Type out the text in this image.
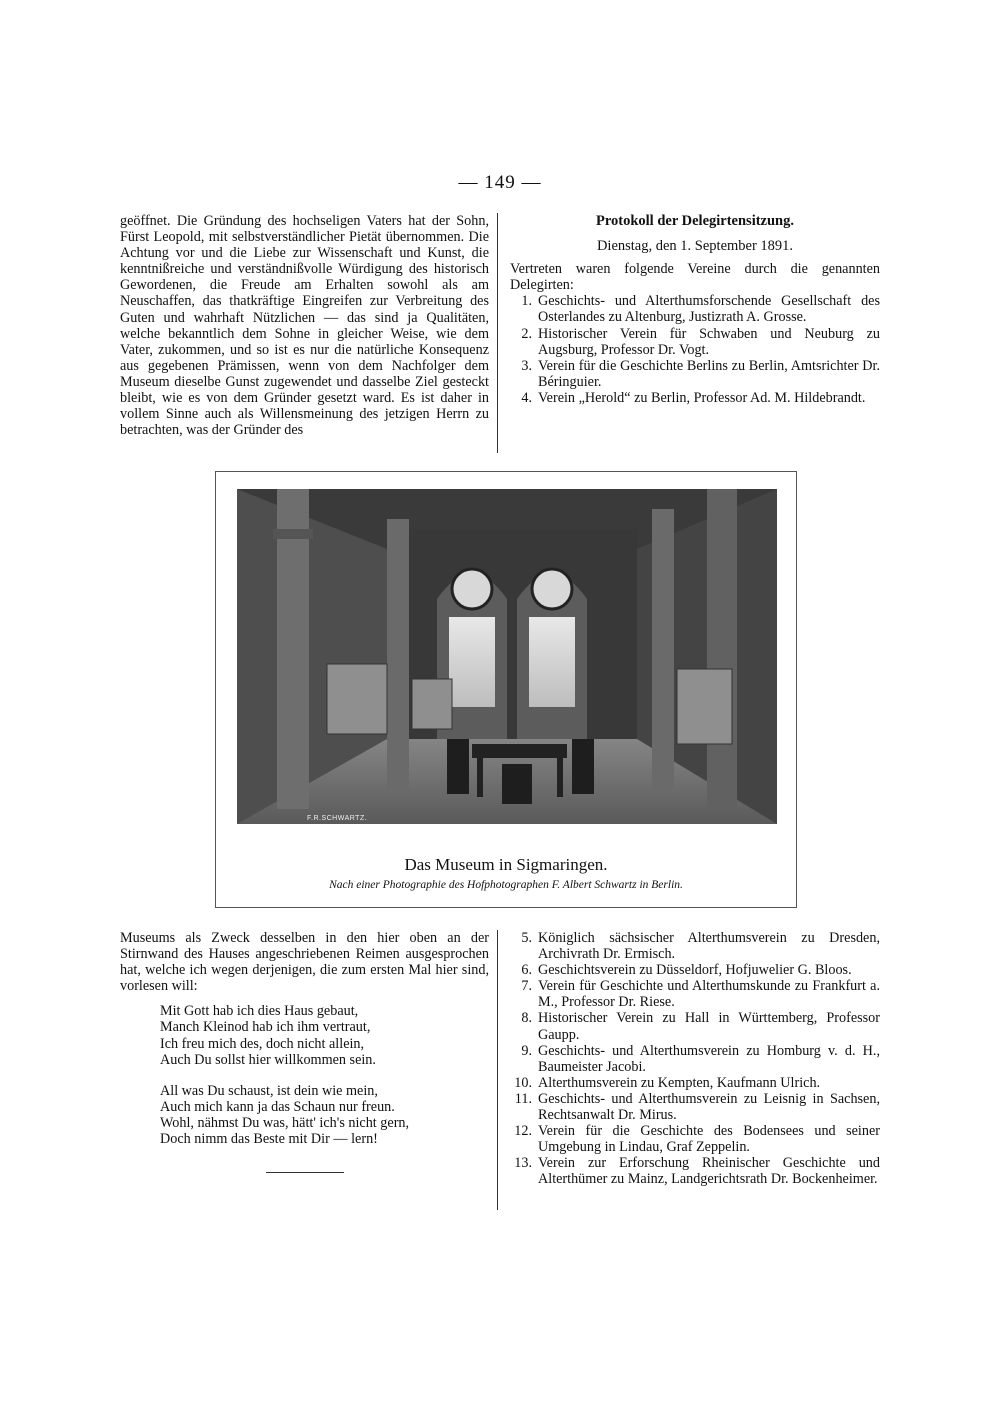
— 149 —

geöffnet. Die Gründung des hochseligen Vaters hat der Sohn, Fürst Leopold, mit selbstverständlicher Pietät übernommen. Die Achtung vor und die Liebe zur Wissenschaft und Kunst, die kenntnißreiche und verständnißvolle Würdigung des historisch Gewordenen, die Freude am Erhalten sowohl als am Neuschaffen, das thatkräftige Eingreifen zur Verbreitung des Guten und wahrhaft Nützlichen — das sind ja Qualitäten, welche bekanntlich dem Sohne in gleicher Weise, wie dem Vater, zukommen, und so ist es nur die natürliche Konsequenz aus gegebenen Prämissen, wenn von dem Nachfolger dem Museum dieselbe Gunst zugewendet und dasselbe Ziel gesteckt bleibt, wie es von dem Gründer gesetzt ward. Es ist daher in vollem Sinne auch als Willensmeinung des jetzigen Herrn zu betrachten, was der Gründer des

Protokoll der Delegirtensitzung.

Dienstag, den 1. September 1891.

Vertreten waren folgende Vereine durch die genannten Delegirten:

1. Geschichts- und Alterthumsforschende Gesellschaft des Osterlandes zu Altenburg, Justizrath A. Grosse.
2. Historischer Verein für Schwaben und Neuburg zu Augsburg, Professor Dr. Vogt.
3. Verein für die Geschichte Berlins zu Berlin, Amtsrichter Dr. Béringuier.
4. Verein „Herold“ zu Berlin, Professor Ad. M. Hildebrandt.
F.R.SCHWARTZ.
Das Museum in Sigmaringen.
Nach einer Photographie des Hofphotographen F. Albert Schwartz in Berlin.

Museums als Zweck desselben in den hier oben an der Stirnwand des Hauses angeschriebenen Reimen ausgesprochen hat, welche ich wegen derjenigen, die zum ersten Mal hier sind, vorlesen will:

Mit Gott hab ich dies Haus gebaut,
Manch Kleinod hab ich ihm vertraut,
Ich freu mich des, doch nicht allein,
Auch Du sollst hier willkommen sein.
All was Du schaust, ist dein wie mein,
Auch mich kann ja das Schaun nur freun.
Wohl, nähmst Du was, hätt' ich's nicht gern,
Doch nimm das Beste mit Dir — lern!
5. Königlich sächsischer Alterthumsverein zu Dresden, Archivrath Dr. Ermisch.
6. Geschichtsverein zu Düsseldorf, Hofjuwelier G. Bloos.
7. Verein für Geschichte und Alterthumskunde zu Frankfurt a. M., Professor Dr. Riese.
8. Historischer Verein zu Hall in Württemberg, Professor Gaupp.
9. Geschichts- und Alterthumsverein zu Homburg v. d. H., Baumeister Jacobi.
10. Alterthumsverein zu Kempten, Kaufmann Ulrich.
11. Geschichts- und Alterthumsverein zu Leisnig in Sachsen, Rechtsanwalt Dr. Mirus.
12. Verein für die Geschichte des Bodensees und seiner Umgebung in Lindau, Graf Zeppelin.
13. Verein zur Erforschung Rheinischer Geschichte und Alterthümer zu Mainz, Landgerichtsrath Dr. Bockenheimer.
